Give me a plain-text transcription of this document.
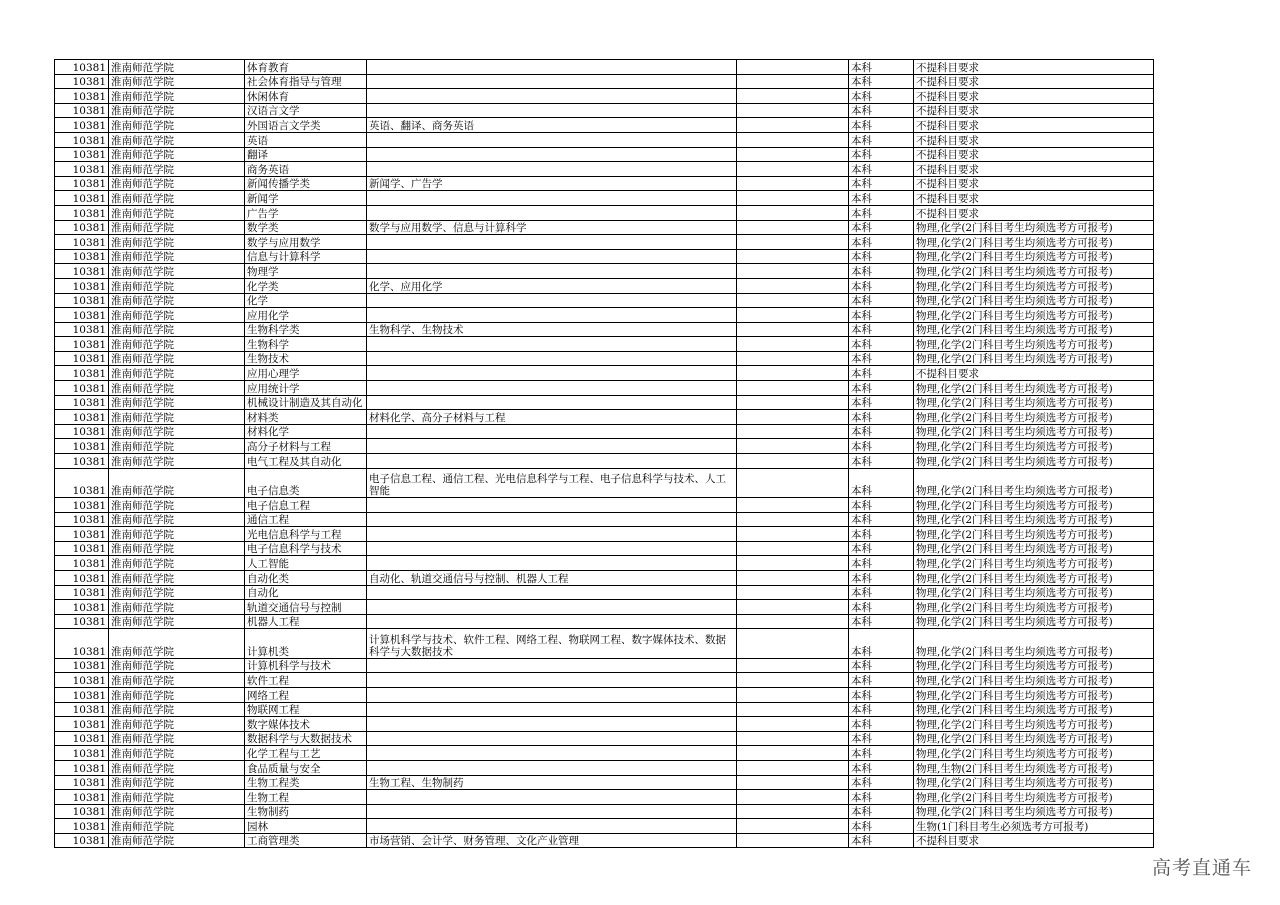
10381	淮南师范学院	体育教育			本科	不提科目要求
10381	淮南师范学院	社会体育指导与管理			本科	不提科目要求
10381	淮南师范学院	休闲体育			本科	不提科目要求
10381	淮南师范学院	汉语言文学			本科	不提科目要求
10381	淮南师范学院	外国语言文学类	英语、翻译、商务英语		本科	不提科目要求
10381	淮南师范学院	英语			本科	不提科目要求
10381	淮南师范学院	翻译			本科	不提科目要求
10381	淮南师范学院	商务英语			本科	不提科目要求
10381	淮南师范学院	新闻传播学类	新闻学、广告学		本科	不提科目要求
10381	淮南师范学院	新闻学			本科	不提科目要求
10381	淮南师范学院	广告学			本科	不提科目要求
10381	淮南师范学院	数学类	数学与应用数学、信息与计算科学		本科	物理,化学(2门科目考生均须选考方可报考)
10381	淮南师范学院	数学与应用数学			本科	物理,化学(2门科目考生均须选考方可报考)
10381	淮南师范学院	信息与计算科学			本科	物理,化学(2门科目考生均须选考方可报考)
10381	淮南师范学院	物理学			本科	物理,化学(2门科目考生均须选考方可报考)
10381	淮南师范学院	化学类	化学、应用化学		本科	物理,化学(2门科目考生均须选考方可报考)
10381	淮南师范学院	化学			本科	物理,化学(2门科目考生均须选考方可报考)
10381	淮南师范学院	应用化学			本科	物理,化学(2门科目考生均须选考方可报考)
10381	淮南师范学院	生物科学类	生物科学、生物技术		本科	物理,化学(2门科目考生均须选考方可报考)
10381	淮南师范学院	生物科学			本科	物理,化学(2门科目考生均须选考方可报考)
10381	淮南师范学院	生物技术			本科	物理,化学(2门科目考生均须选考方可报考)
10381	淮南师范学院	应用心理学			本科	不提科目要求
10381	淮南师范学院	应用统计学			本科	物理,化学(2门科目考生均须选考方可报考)
10381	淮南师范学院	机械设计制造及其自动化			本科	物理,化学(2门科目考生均须选考方可报考)
10381	淮南师范学院	材料类	材料化学、高分子材料与工程		本科	物理,化学(2门科目考生均须选考方可报考)
10381	淮南师范学院	材料化学			本科	物理,化学(2门科目考生均须选考方可报考)
10381	淮南师范学院	高分子材料与工程			本科	物理,化学(2门科目考生均须选考方可报考)
10381	淮南师范学院	电气工程及其自动化			本科	物理,化学(2门科目考生均须选考方可报考)
10381	淮南师范学院	电子信息类	电子信息工程、通信工程、光电信息科学与工程、电子信息科学与技术、人工智能		本科	物理,化学(2门科目考生均须选考方可报考)
10381	淮南师范学院	电子信息工程			本科	物理,化学(2门科目考生均须选考方可报考)
10381	淮南师范学院	通信工程			本科	物理,化学(2门科目考生均须选考方可报考)
10381	淮南师范学院	光电信息科学与工程			本科	物理,化学(2门科目考生均须选考方可报考)
10381	淮南师范学院	电子信息科学与技术			本科	物理,化学(2门科目考生均须选考方可报考)
10381	淮南师范学院	人工智能			本科	物理,化学(2门科目考生均须选考方可报考)
10381	淮南师范学院	自动化类	自动化、轨道交通信号与控制、机器人工程		本科	物理,化学(2门科目考生均须选考方可报考)
10381	淮南师范学院	自动化			本科	物理,化学(2门科目考生均须选考方可报考)
10381	淮南师范学院	轨道交通信号与控制			本科	物理,化学(2门科目考生均须选考方可报考)
10381	淮南师范学院	机器人工程			本科	物理,化学(2门科目考生均须选考方可报考)
10381	淮南师范学院	计算机类	计算机科学与技术、软件工程、网络工程、物联网工程、数字媒体技术、数据科学与大数据技术		本科	物理,化学(2门科目考生均须选考方可报考)
10381	淮南师范学院	计算机科学与技术			本科	物理,化学(2门科目考生均须选考方可报考)
10381	淮南师范学院	软件工程			本科	物理,化学(2门科目考生均须选考方可报考)
10381	淮南师范学院	网络工程			本科	物理,化学(2门科目考生均须选考方可报考)
10381	淮南师范学院	物联网工程			本科	物理,化学(2门科目考生均须选考方可报考)
10381	淮南师范学院	数字媒体技术			本科	物理,化学(2门科目考生均须选考方可报考)
10381	淮南师范学院	数据科学与大数据技术			本科	物理,化学(2门科目考生均须选考方可报考)
10381	淮南师范学院	化学工程与工艺			本科	物理,化学(2门科目考生均须选考方可报考)
10381	淮南师范学院	食品质量与安全			本科	物理,生物(2门科目考生均须选考方可报考)
10381	淮南师范学院	生物工程类	生物工程、生物制药		本科	物理,化学(2门科目考生均须选考方可报考)
10381	淮南师范学院	生物工程			本科	物理,化学(2门科目考生均须选考方可报考)
10381	淮南师范学院	生物制药			本科	物理,化学(2门科目考生均须选考方可报考)
10381	淮南师范学院	园林			本科	生物(1门科目考生必须选考方可报考)
10381	淮南师范学院	工商管理类	市场营销、会计学、财务管理、文化产业管理		本科	不提科目要求
高考直通车
